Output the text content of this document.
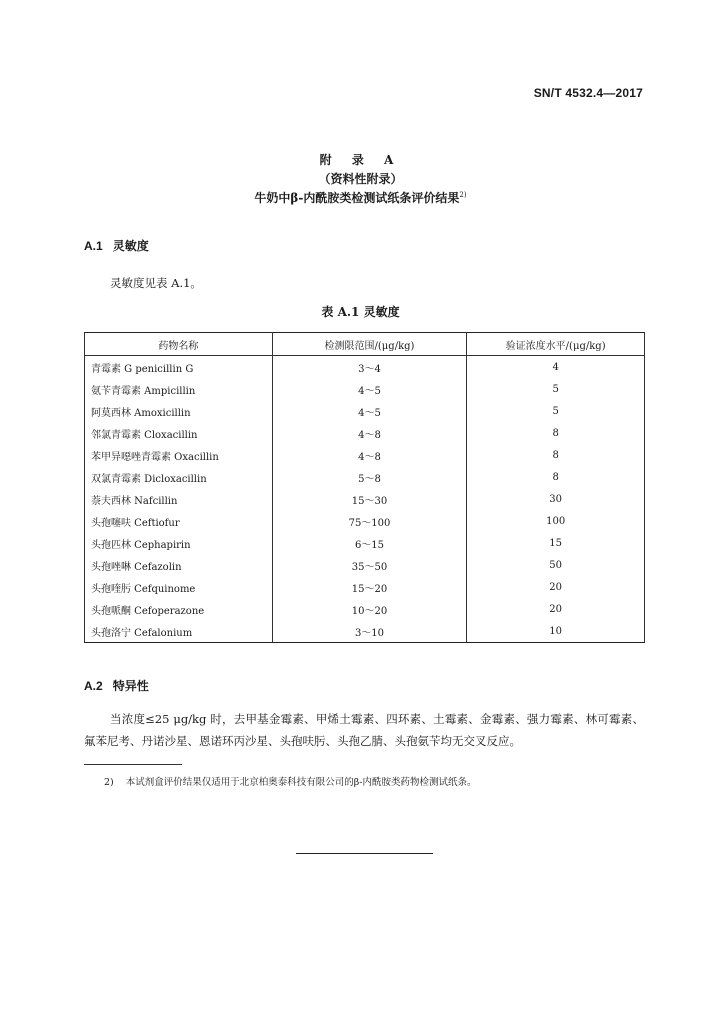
SN/T 4532.4—2017
附 录 A
（资料性附录）
牛奶中β-内酰胺类检测试纸条评价结果$^{2)}$
A.1 灵敏度
灵敏度见表 A.1。
表 A.1 灵敏度
药物名称	检测限范围/(μg/kg)	验证浓度水平/(μg/kg)
青霉素 G penicillin G	3～4	4
氨苄青霉素 Ampicillin	4～5	5
阿莫西林 Amoxicillin	4～5	5
邻氯青霉素 Cloxacillin	4～8	8
苯甲异噁唑青霉素 Oxacillin	4～8	8
双氯青霉素 Dicloxacillin	5～8	8
萘夫西林 Nafcillin	15～30	30
头孢噻呋 Ceftiofur	75～100	100
头孢匹林 Cephapirin	6～15	15
头孢唑啉 Cefazolin	35～50	50
头孢喹肟 Cefquinome	15～20	20
头孢哌酮 Cefoperazone	10～20	20
头孢洛宁 Cefalonium	3～10	10
A.2 特异性
当浓度≤25 μg/kg 时，去甲基金霉素、甲烯土霉素、四环素、土霉素、金霉素、强力霉素、林可霉素、氟苯尼考、丹诺沙星、恩诺环丙沙星、头孢呋肟、头孢乙腈、头孢氨苄均无交叉反应。
2) 本试剂盒评价结果仅适用于北京柏奥泰科技有限公司的β-内酰胺类药物检测试纸条。
